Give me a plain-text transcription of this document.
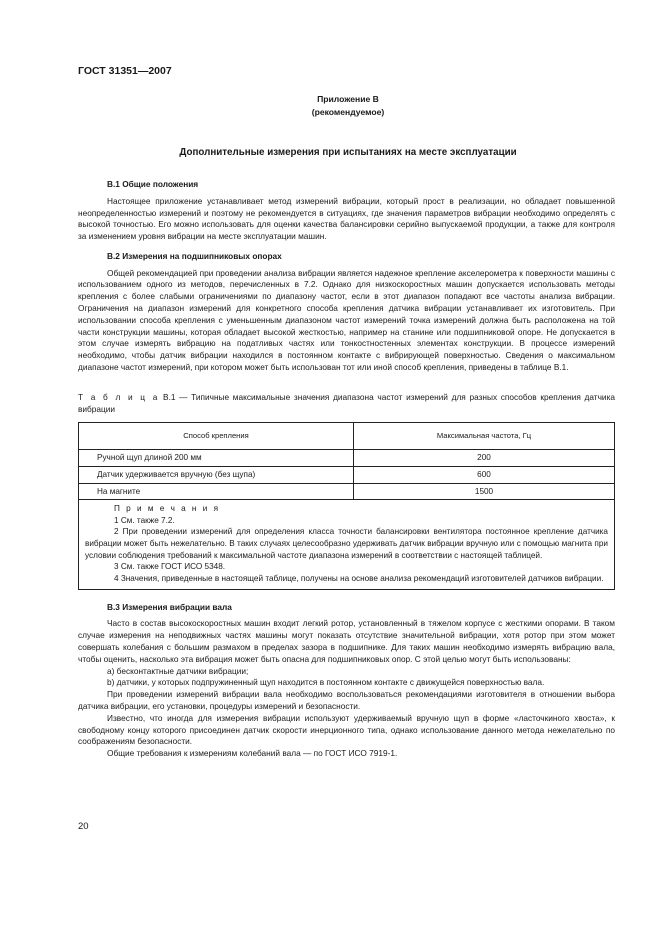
ГОСТ 31351—2007
Приложение В
(рекомендуемое)
Дополнительные измерения при испытаниях на месте эксплуатации
В.1 Общие положения

Настоящее приложение устанавливает метод измерений вибрации, который прост в реализации, но обладает повышенной неопределенностью измерений и поэтому не рекомендуется в ситуациях, где значения параметров вибрации необходимо определять с высокой точностью. Его можно использовать для оценки качества балансировки серийно выпускаемой продукции, а также для контроля за изменением уровня вибрации на месте эксплуатации машин.

В.2 Измерения на подшипниковых опорах

Общей рекомендацией при проведении анализа вибрации является надежное крепление акселерометра к поверхности машины с использованием одного из методов, перечисленных в 7.2. Однако для низкоскоростных машин допускается использовать методы крепления с более слабыми ограничениями по диапазону частот, если в этот диапазон попадают все частоты анализа вибрации. Ограничения на диапазон измерений для конкретного способа крепления датчика вибрации устанавливает их изготовитель. При использовании способа крепления с уменьшенным диапазоном частот измерений точка измерений должна быть расположена на той части конструкции машины, которая обладает высокой жесткостью, например на станине или подшипниковой опоре. Не допускается в этом случае измерять вибрацию на податливых частях или тонкостностенных элементах конструкции. В процессе измерений необходимо, чтобы датчик вибрации находился в постоянном контакте с вибрирующей поверхностью. Сведения о максимальном диапазоне частот измерений, при котором может быть использован тот или иной способ крепления, приведены в таблице В.1.

Т а б л и ц а В.1 — Типичные максимальные значения диапазона частот измерений для разных способов крепления датчика вибрации
Способ крепления	Максимальная частота, Гц
Ручной щуп длиной 200 мм	200
Датчик удерживается вручную (без щупа)	600
На магните	1500

П р и м е ч а н и я
1 См. также 7.2.
2 При проведении измерений для определения класса точности балансировки вентилятора постоянное крепление датчика вибрации может быть нежелательно. В таких случаях целесообразно удерживать датчик вибрации вручную или с помощью магнита при условии соблюдения требований к максимальной частоте диапазона измерений в соответствии с настоящей таблицей.
3 См. также ГОСТ ИСО 5348.
4 Значения, приведенные в настоящей таблице, получены на основе анализа рекомендаций изготовителей датчиков вибрации.	
В.3 Измерения вибрации вала

Часто в состав высокоскоростных машин входит легкий ротор, установленный в тяжелом корпусе с жесткими опорами. В таком случае измерения на неподвижных частях машины могут показать отсутствие значительной вибрации, хотя ротор при этом может совершать колебания с большим размахом в пределах зазора в подшипнике. Для таких машин необходимо измерять вибрацию вала, чтобы оценить, насколько эта вибрация может быть опасна для подшипниковых опор. С этой целью могут быть использованы:

а) бесконтактные датчики вибрации;

b) датчики, у которых подпружиненный щуп находится в постоянном контакте с движущейся поверхностью вала.

При проведении измерений вибрации вала необходимо воспользоваться рекомендациями изготовителя в отношении выбора датчика вибрации, его установки, процедуры измерений и безопасности.

Известно, что иногда для измерения вибрации используют удерживаемый вручную щуп в форме «ласточкиного хвоста», к свободному концу которого присоединен датчик скорости инерционного типа, однако использование данного метода нежелательно по соображениям безопасности.

Общие требования к измерениям колебаний вала — по ГОСТ ИСО 7919-1.

20
